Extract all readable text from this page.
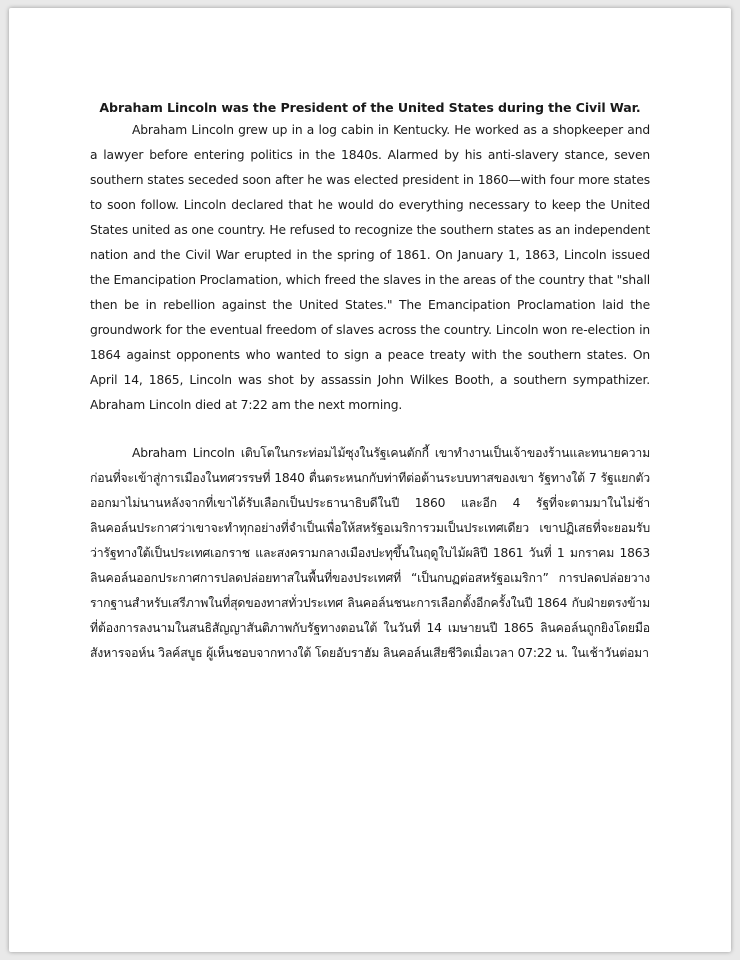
Abraham Lincoln was the President of the United States during the Civil War.

Abraham Lincoln grew up in a log cabin in Kentucky. He worked as a shopkeeper and a lawyer before entering politics in the 1840s. Alarmed by his anti-slavery stance, seven southern states seceded soon after he was elected president in 1860—with four more states to soon follow. Lincoln declared that he would do everything necessary to keep the United States united as one country. He refused to recognize the southern states as an independent nation and the Civil War erupted in the spring of 1861. On January 1, 1863, Lincoln issued the Emancipation Proclamation, which freed the slaves in the areas of the country that "shall then be in rebellion against the United States." The Emancipation Proclamation laid the groundwork for the eventual freedom of slaves across the country. Lincoln won re-election in 1864 against opponents who wanted to sign a peace treaty with the southern states. On April 14, 1865, Lincoln was shot by assassin John Wilkes Booth, a southern sympathizer. Abraham Lincoln died at 7:22 am the next morning.

Abraham Lincoln เติบโตในกระท่อมไม้ซุงในรัฐเคนตักกี้ เขาทำงานเป็นเจ้าของร้านและทนายความก่อนที่จะเข้าสู่การเมืองในทศวรรษที่ 1840 ตื่นตระหนกกับท่าทีต่อต้านระบบทาสของเขา รัฐทางใต้ 7 รัฐแยกตัวออกมาไม่นานหลังจากที่เขาได้รับเลือกเป็นประธานาธิบดีในปี 1860 และอีก 4 รัฐที่จะตามมาในไม่ช้า ลินคอล์นประกาศว่าเขาจะทำทุกอย่างที่จำเป็นเพื่อให้สหรัฐอเมริการวมเป็นประเทศเดียว เขาปฏิเสธที่จะยอมรับว่ารัฐทางใต้เป็นประเทศเอกราช และสงครามกลางเมืองปะทุขึ้นในฤดูใบไม้ผลิปี 1861 วันที่ 1 มกราคม 1863 ลินคอล์นออกประกาศการปลดปล่อยทาสในพื้นที่ของประเทศที่ “เป็นกบฏต่อสหรัฐอเมริกา” การปลดปล่อยวางรากฐานสำหรับเสรีภาพในที่สุดของทาสทั่วประเทศ ลินคอล์นชนะการเลือกตั้งอีกครั้งในปี 1864 กับฝ่ายตรงข้ามที่ต้องการลงนามในสนธิสัญญาสันติภาพกับรัฐทางตอนใต้ ในวันที่ 14 เมษายนปี 1865 ลินคอล์นถูกยิงโดยมือสังหารจอห์น วิลค์สบูธ ผู้เห็นชอบจากทางใต้ โดยอับราฮัม ลินคอล์นเสียชีวิตเมื่อเวลา 07:22 น. ในเช้าวันต่อมา
